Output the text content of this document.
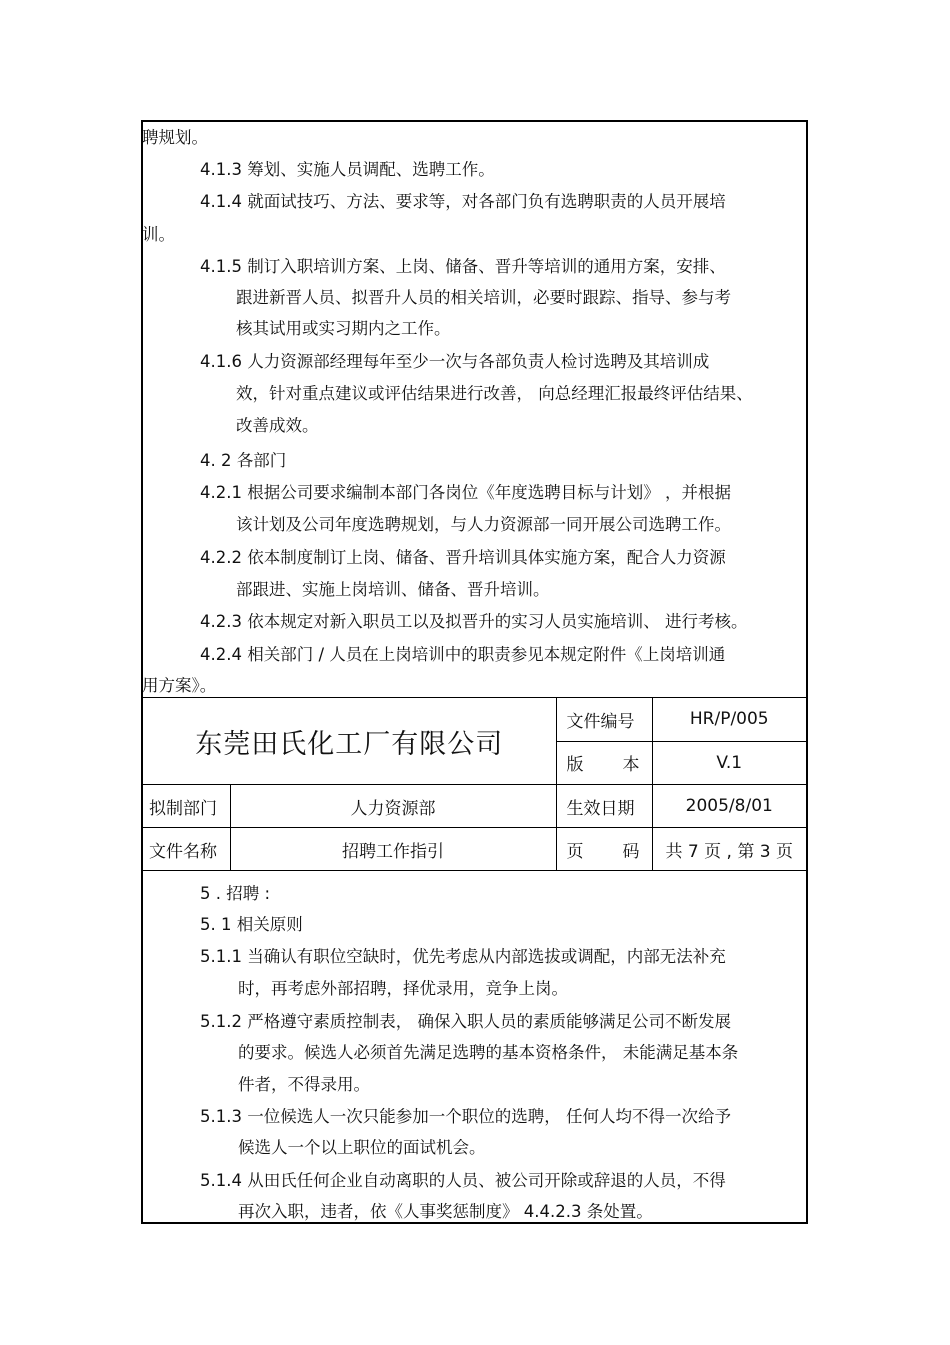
聘规划。
4.1.3 筹划、实施人员调配、选聘工作。
4.1.4 就面试技巧、方法、要求等，对各部门负有选聘职责的人员开展培
训。
4.1.5 制订入职培训方案、上岗、储备、晋升等培训的通用方案，安排、
跟进新晋人员、拟晋升人员的相关培训，必要时跟踪、指导、参与考
核其试用或实习期内之工作。
4.1.6 人力资源部经理每年至少一次与各部负责人检讨选聘及其培训成
效，针对重点建议或评估结果进行改善， 向总经理汇报最终评估结果、
改善成效。
4. 2 各部门
4.2.1 根据公司要求编制本部门各岗位《年度选聘目标与计划》 ，并根据
该计划及公司年度选聘规划，与人力资源部一同开展公司选聘工作。
4.2.2 依本制度制订上岗、储备、晋升培训具体实施方案，配合人力资源
部跟进、实施上岗培训、储备、晋升培训。
4.2.3 依本规定对新入职员工以及拟晋升的实习人员实施培训、 进行考核。
4.2.4 相关部门 / 人员在上岗培训中的职责参见本规定附件《上岗培训通
用方案》。
东莞田氏化工厂有限公司		文件编号	HR/P/005

		版 本	V.1
拟制部门	人力资源部	生效日期	2005/8/01
文件名称	招聘工作指引	页 码	共 7 页 , 第 3 页
5 . 招聘 :
5. 1 相关原则
5.1.1 当确认有职位空缺时，优先考虑从内部选拔或调配，内部无法补充
时，再考虑外部招聘，择优录用，竞争上岗。
5.1.2 严格遵守素质控制表， 确保入职人员的素质能够满足公司不断发展
的要求。候选人必须首先满足选聘的基本资格条件， 未能满足基本条
件者，不得录用。
5.1.3 一位候选人一次只能参加一个职位的选聘， 任何人均不得一次给予
候选人一个以上职位的面试机会。
5.1.4 从田氏任何企业自动离职的人员、被公司开除或辞退的人员，不得
再次入职，违者，依《人事奖惩制度》 4.4.2.3 条处置。
